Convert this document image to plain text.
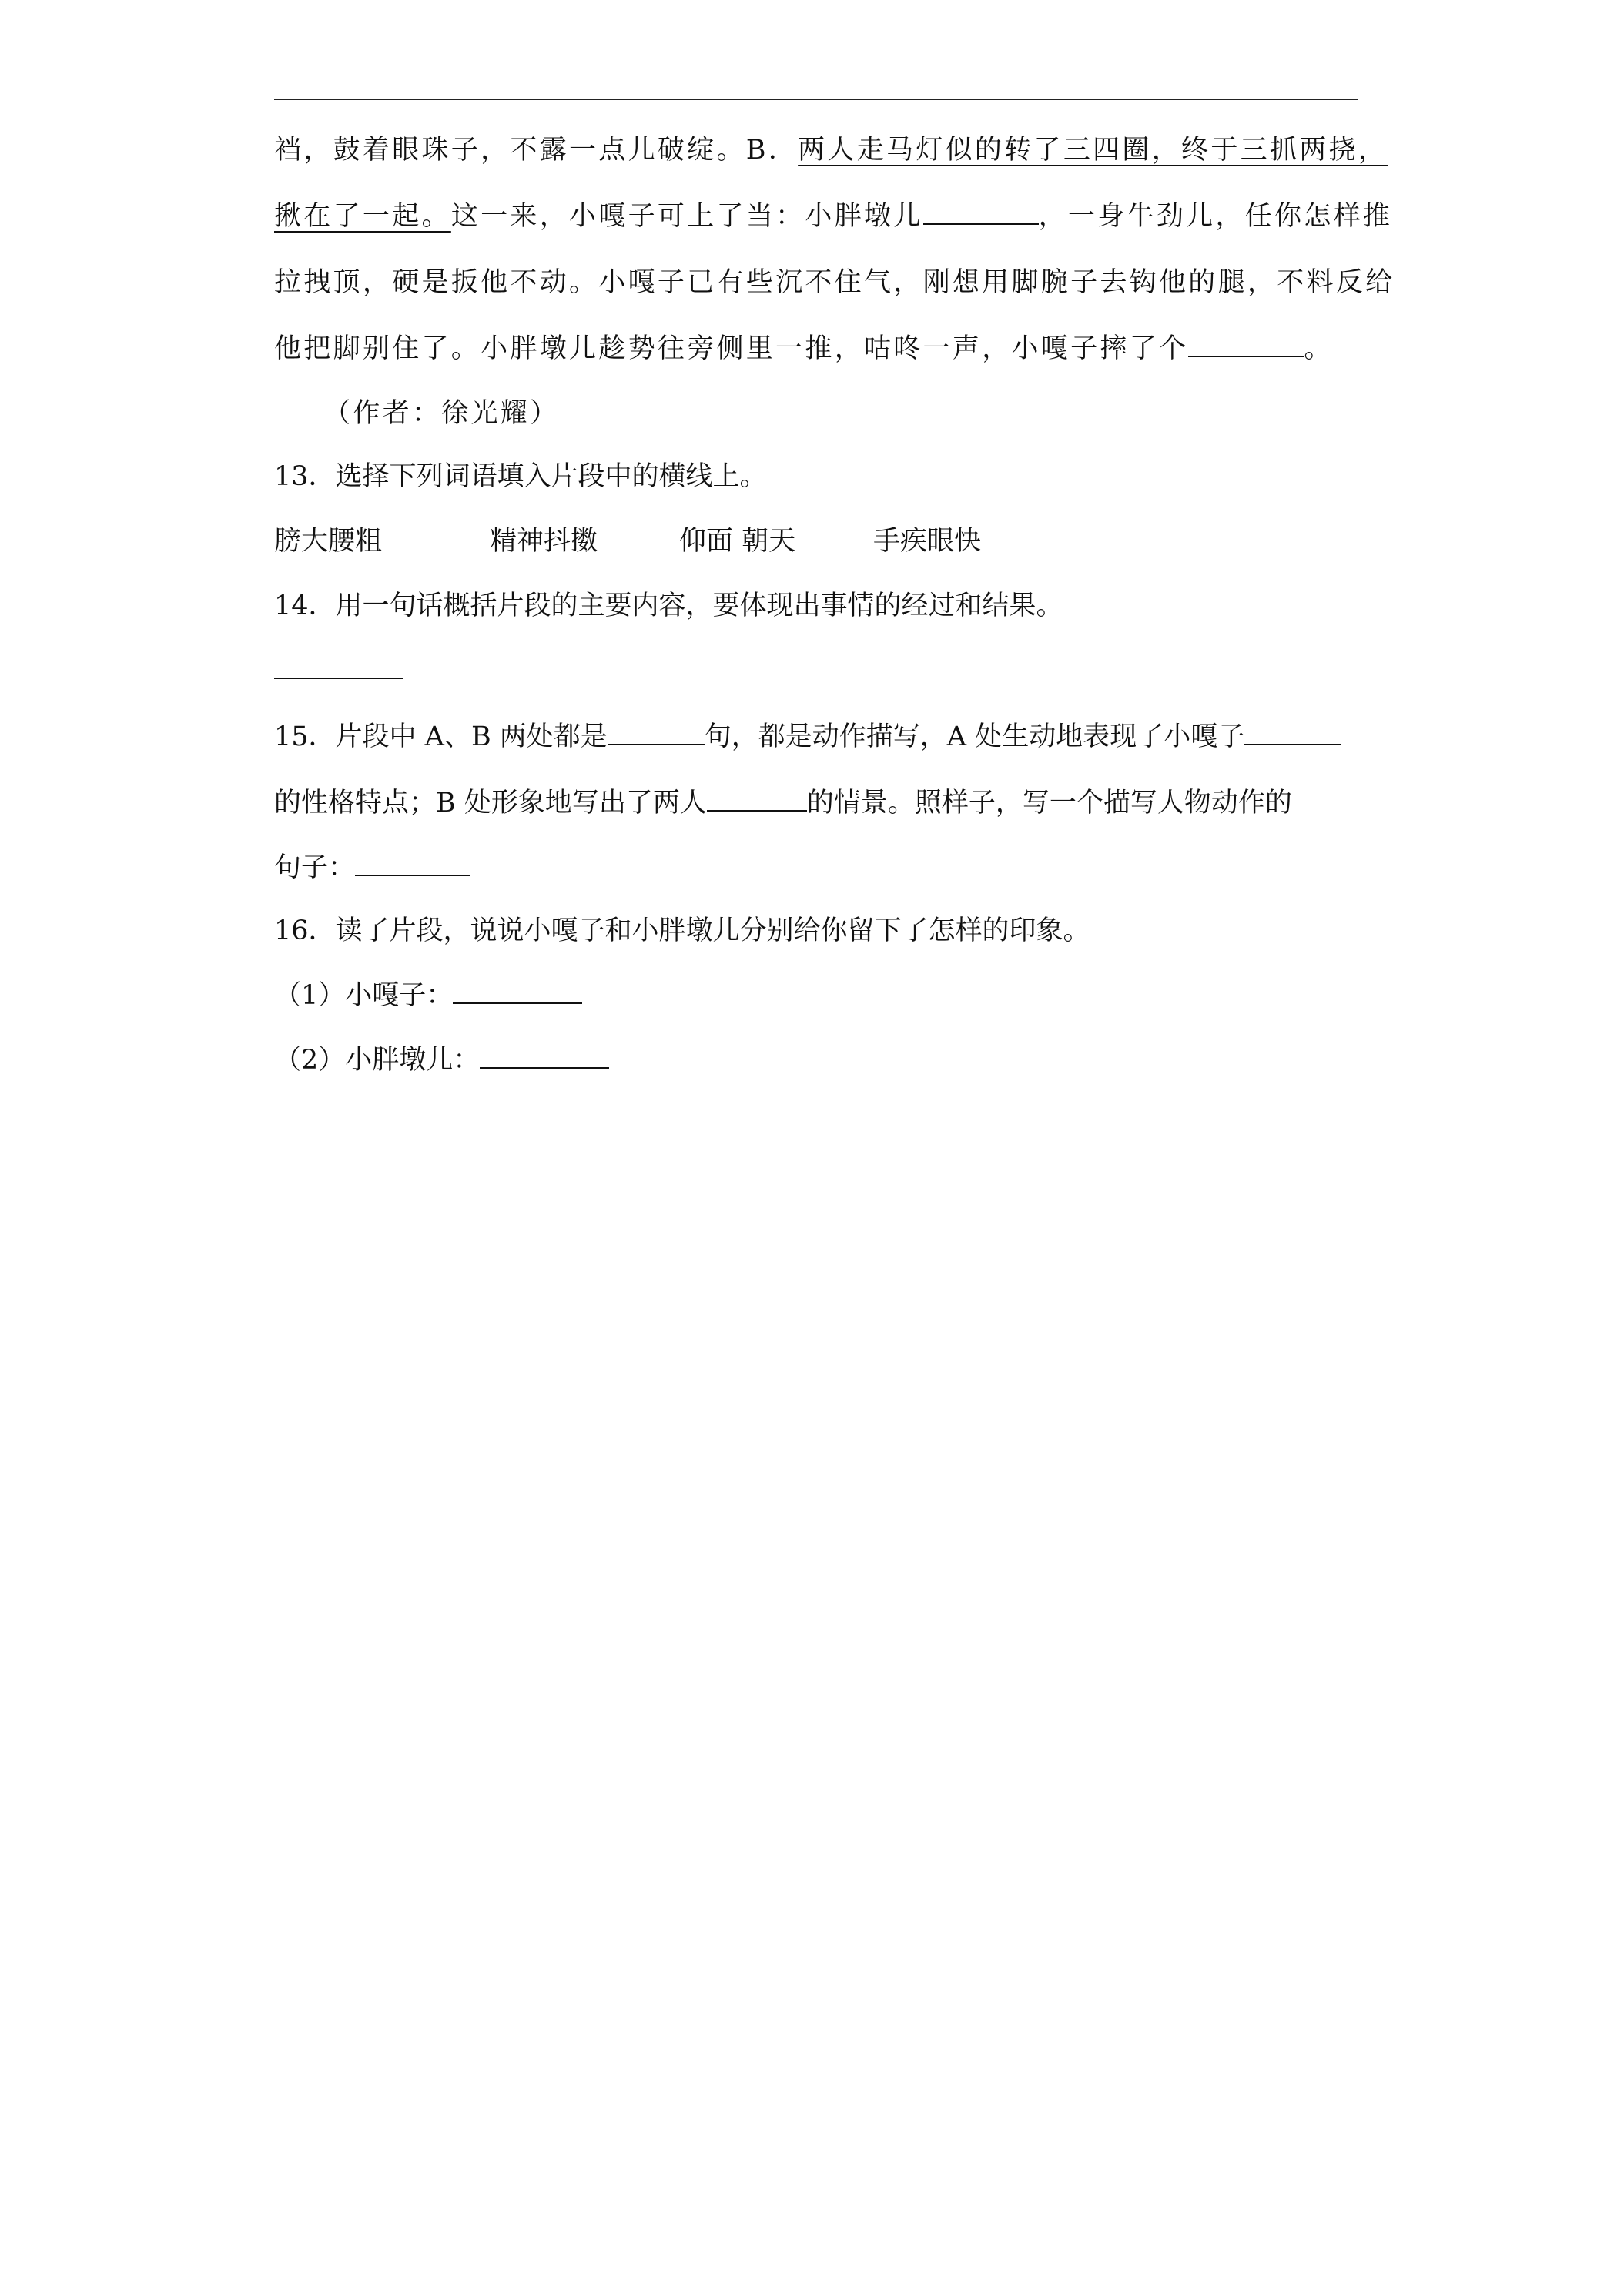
裆，鼓着眼珠子，不露一点儿破绽。B．两人走马灯似的转了三四圈，终于三抓两挠，
揪在了一起。这一来，小嘎子可上了当：小胖墩儿	，一身牛劲儿，任你怎样推
拉拽顶，硬是扳他不动。小嘎子已有些沉不住气，刚想用脚腕子去钩他的腿，不料反给
他把脚别住了。小胖墩儿趁势往旁侧里一推，咕咚一声，小嘎子摔了个	。
（作者：徐光耀）
13．选择下列词语填入片段中的横线上。
膀大腰粗	精神抖擞	仰面 朝天	手疾眼快
14．用一句话概括片段的主要内容，要体现出事情的经过和结果。
15．片段中 A、B 两处都是	句，都是动作描写，A 处生动地表现了小嘎子
的性格特点；B 处形象地写出了两人	的情景。照样子，写一个描写人物动作的
句子：
16．读了片段，说说小嘎子和小胖墩儿分别给你留下了怎样的印象。
（1）小嘎子：
（2）小胖墩儿：
